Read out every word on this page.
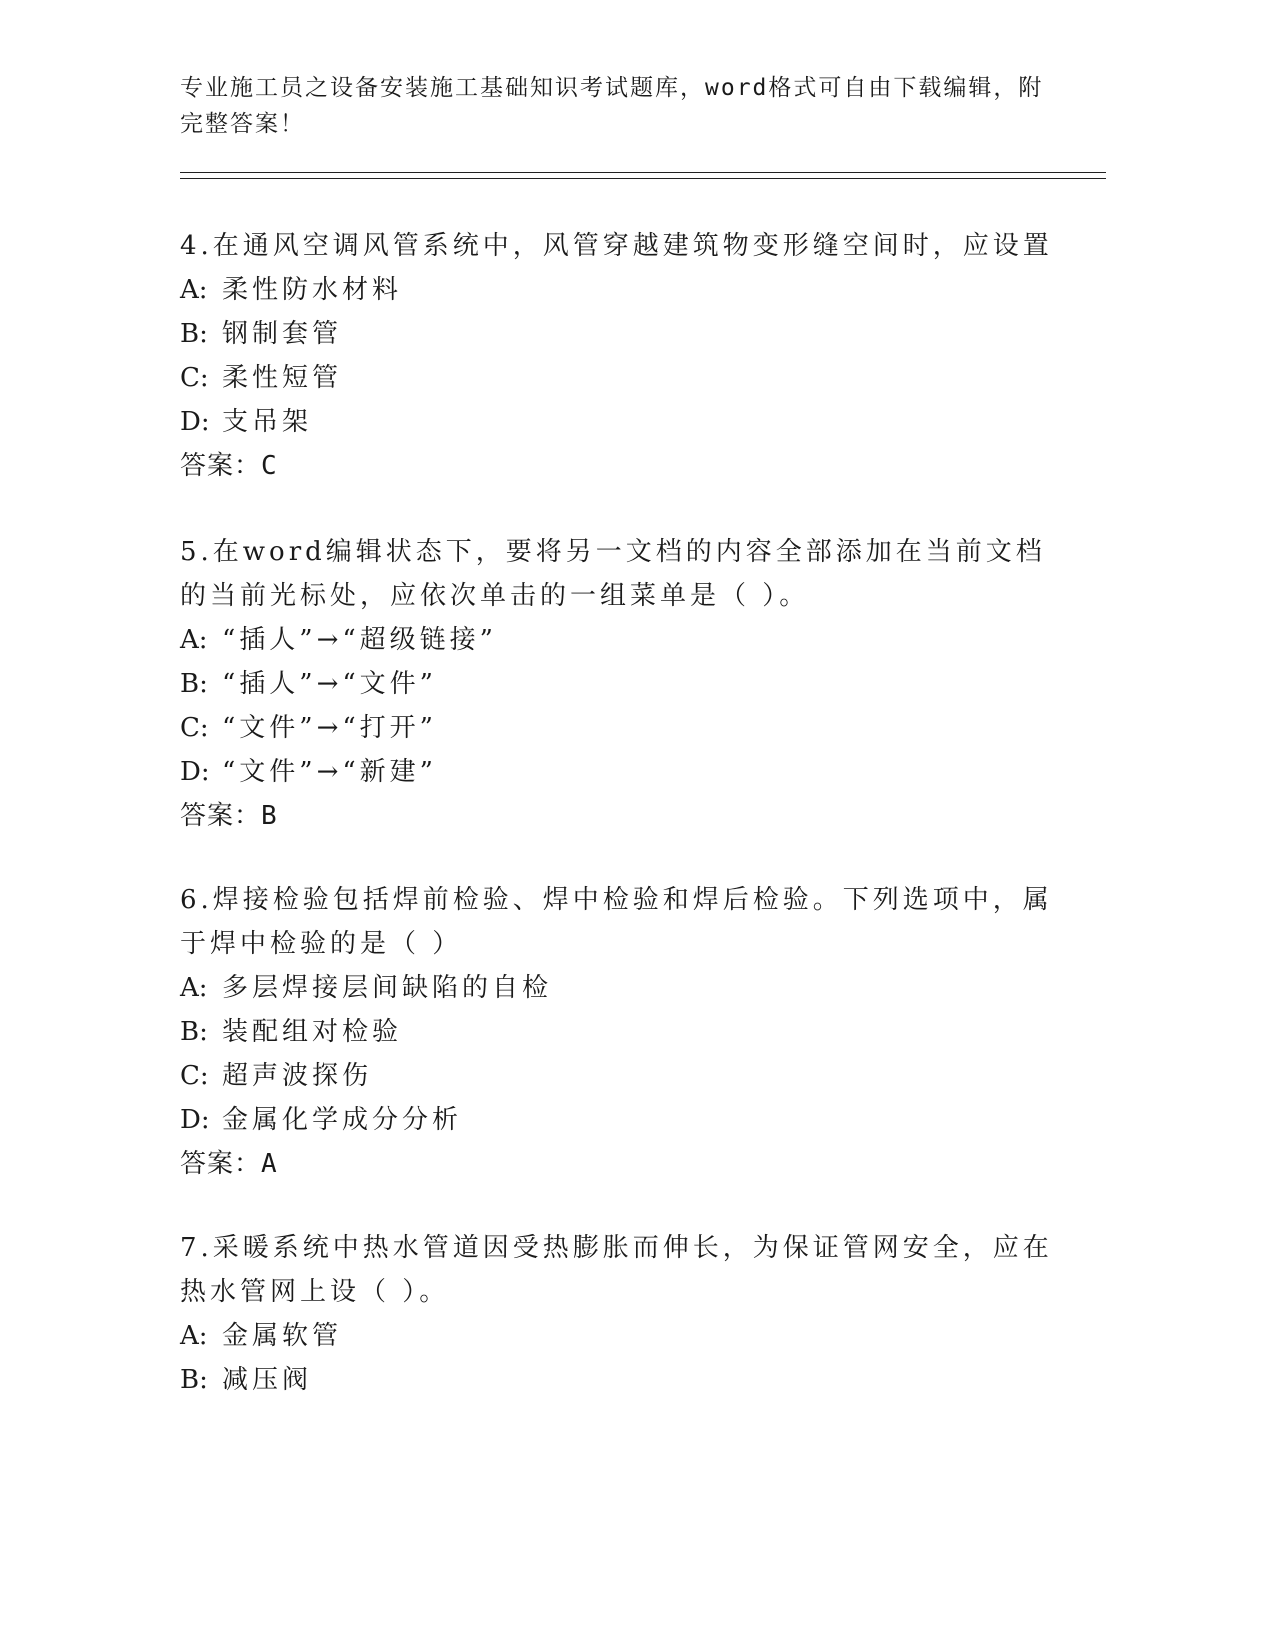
专业施工员之设备安装施工基础知识考试题库，word格式可自由下载编辑，附完整答案！
4.在通风空调风管系统中，风管穿越建筑物变形缝空间时，应设置
A: 柔性防水材料
B: 钢制套管
C: 柔性短管
D: 支吊架
答案：C
5.在word编辑状态下，要将另一文档的内容全部添加在当前文档的当前光标处，应依次单击的一组菜单是（ ）。
A: “插人”→“超级链接”
B: “插人”→“文件”
C: “文件”→“打开”
D: “文件”→“新建”
答案：B
6.焊接检验包括焊前检验、焊中检验和焊后检验。下列选项中，属于焊中检验的是（ ）
A: 多层焊接层间缺陷的自检
B: 装配组对检验
C: 超声波探伤
D: 金属化学成分分析
答案：A
7.采暖系统中热水管道因受热膨胀而伸长，为保证管网安全，应在热水管网上设（ ）。
A: 金属软管
B: 减压阀
